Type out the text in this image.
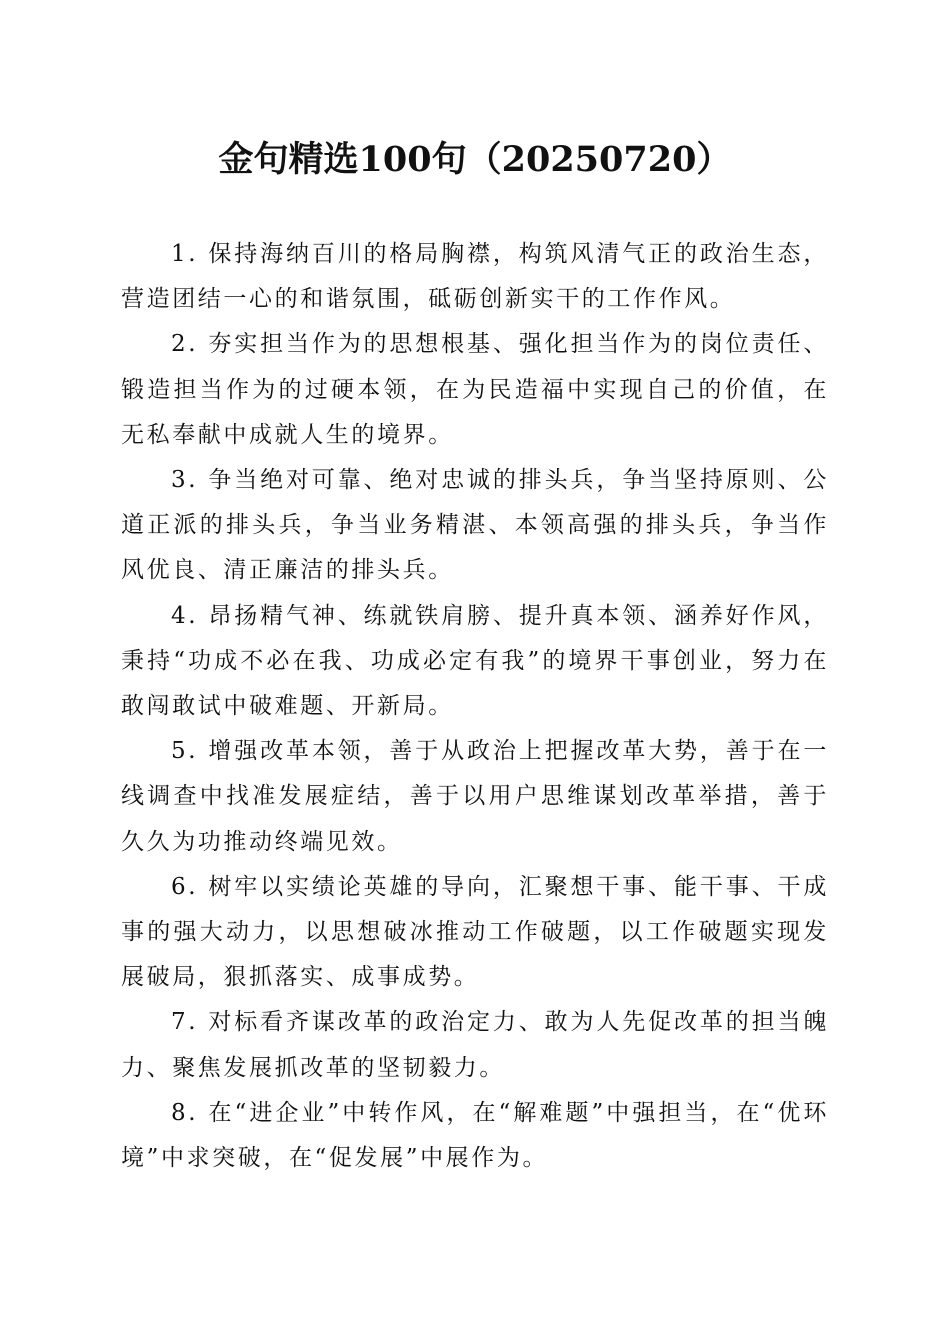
金句精选100句（20250720）

1. 保持海纳百川的格局胸襟，构筑风清气正的政治生态，营造团结一心的和谐氛围，砥砺创新实干的工作作风。

2. 夯实担当作为的思想根基、强化担当作为的岗位责任、锻造担当作为的过硬本领，在为民造福中实现自己的价值，在无私奉献中成就人生的境界。

3. 争当绝对可靠、绝对忠诚的排头兵，争当坚持原则、公道正派的排头兵，争当业务精湛、本领高强的排头兵，争当作风优良、清正廉洁的排头兵。

4. 昂扬精气神、练就铁肩膀、提升真本领、涵养好作风，秉持“功成不必在我、功成必定有我”的境界干事创业，努力在敢闯敢试中破难题、开新局。

5. 增强改革本领，善于从政治上把握改革大势，善于在一线调查中找准发展症结，善于以用户思维谋划改革举措，善于久久为功推动终端见效。

6. 树牢以实绩论英雄的导向，汇聚想干事、能干事、干成事的强大动力，以思想破冰推动工作破题，以工作破题实现发展破局，狠抓落实、成事成势。

7. 对标看齐谋改革的政治定力、敢为人先促改革的担当魄力、聚焦发展抓改革的坚韧毅力。

8. 在“进企业”中转作风，在“解难题”中强担当，在“优环境”中求突破，在“促发展”中展作为。
